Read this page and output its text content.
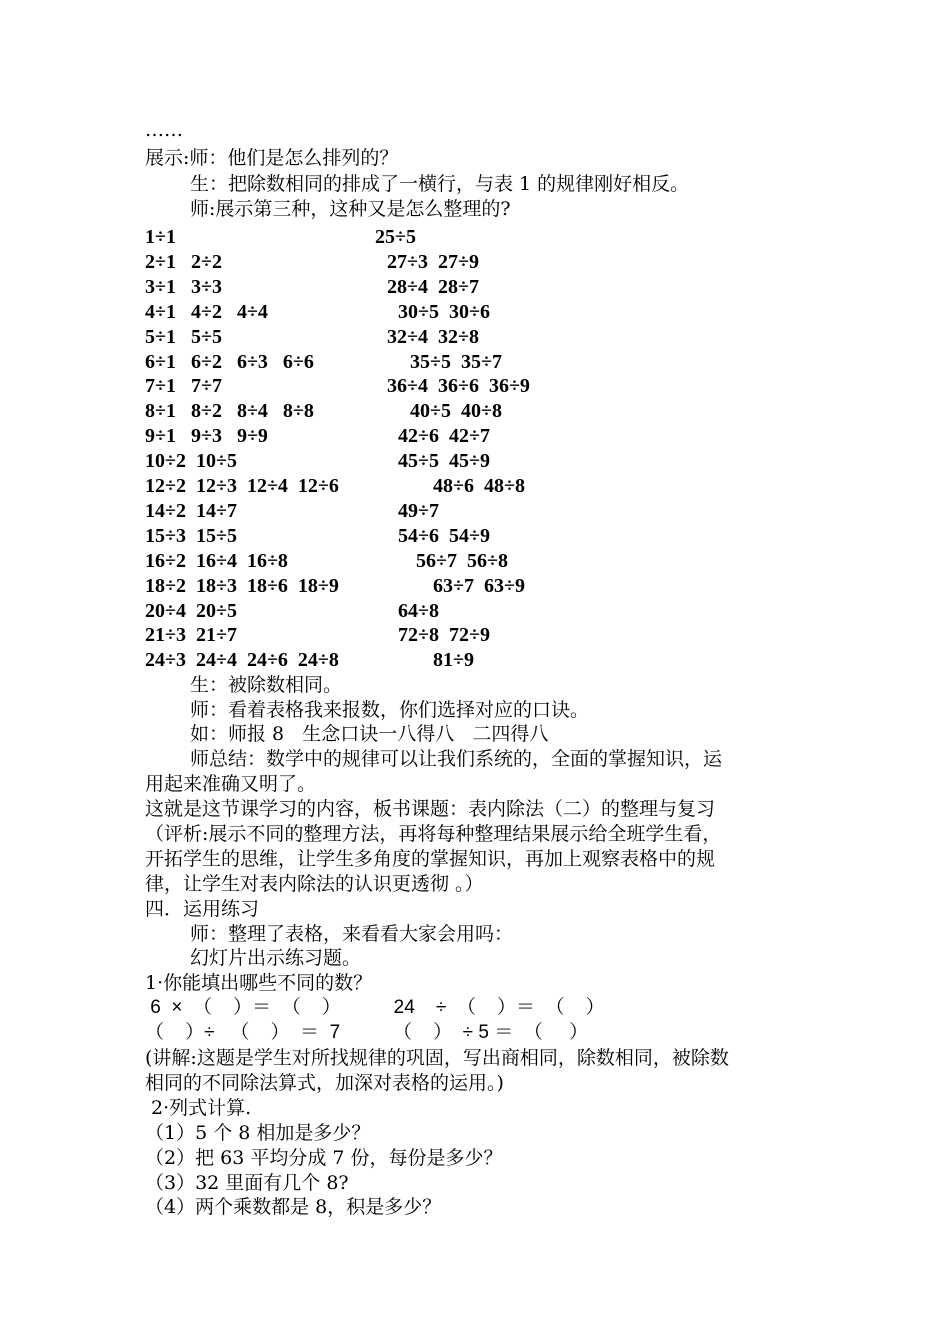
……
展示:师：他们是怎么排列的？
生：把除数相同的排成了一横行，与表 1 的规律刚好相反。
师:展示第三种，这种又是怎么整理的?
1÷1
2÷1   2÷2
3÷1   3÷3
4÷1   4÷2   4÷4
5÷1   5÷5
6÷1   6÷2   6÷3   6÷6
7÷1   7÷7
8÷1   8÷2   8÷4   8÷8
9÷1   9÷3   9÷9
10÷2  10÷5
12÷2  12÷3  12÷4  12÷6
14÷2  14÷7
15÷3  15÷5
16÷2  16÷4  16÷8
18÷2  18÷3  18÷6  18÷9
20÷4  20÷5
21÷3  21÷7
24÷3  24÷4  24÷6  24÷8
25÷5
27÷3  27÷9
28÷4  28÷7
30÷5  30÷6
32÷4  32÷8
35÷5  35÷7
36÷4  36÷6  36÷9
40÷5  40÷8
42÷6  42÷7
45÷5  45÷9
48÷6  48÷8
49÷7
54÷6  54÷9
56÷7  56÷8
63÷7  63÷9
64÷8
72÷8  72÷9
81÷9
生：被除数相同。
师：看着表格我来报数，你们选择对应的口诀。
如：师报 8   生念口诀一八得八   二四得八
师总结：数学中的规律可以让我们系统的，全面的掌握知识，运
用起来准确又明了。
这就是这节课学习的内容，板书课题：表内除法（二）的整理与复习
（评析:展示不同的整理方法，再将每种整理结果展示给全班学生看，
开拓学生的思维，让学生多角度的掌握知识，再加上观察表格中的规
律，让学生对表内除法的认识更透彻 。）
四．运用练习
师：整理了表格，来看看大家会用吗：
幻灯片出示练习题。
1·你能填出哪些不同的数？
6  ×  （    ）＝  （    ）          24    ÷  （    ）＝  （    ）
（    ）÷   （    ）  ＝  7          （    ）  ÷ 5 ＝  （     ）
(讲解:这题是学生对所找规律的巩固，写出商相同，除数相同，被除数
相同的不同除法算式，加深对表格的运用。)
2·列式计算.
（1）5 个 8 相加是多少？
（2）把 63 平均分成 7 份，每份是多少？
（3）32 里面有几个 8?
（4）两个乘数都是 8，积是多少？
